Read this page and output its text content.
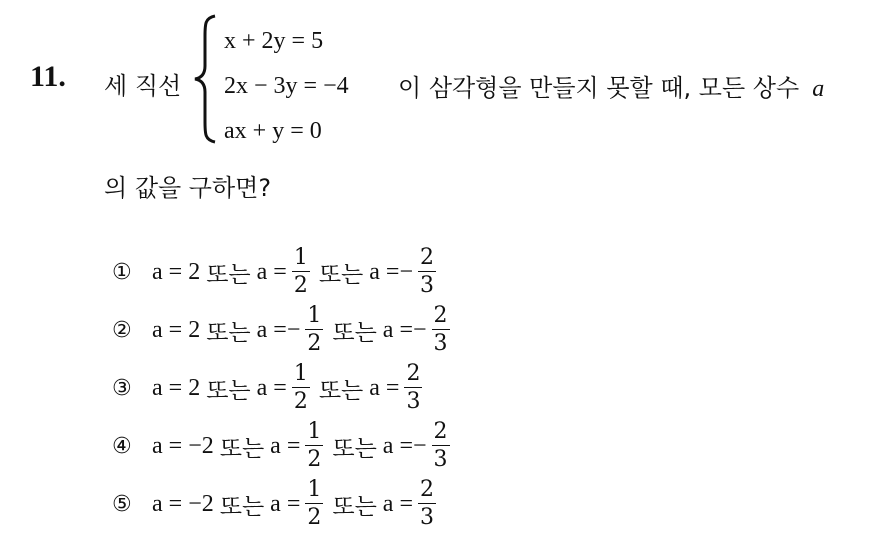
11. 세 직선
x + 2y = 5
2x − 3y = −4
ax + y = 0
이 삼각형을 만들지 못할 때, 모든 상수 a
의 값을 구하면?
① a = 2 또는 $a = \frac{1}{2}$ 또는 a = − $\frac{2}{3}$
② a = 2 또는 a = − $\frac{1}{2}$ 또는 a = − $\frac{2}{3}$
③ a = 2 또는 $a = \frac{1}{2}$ 또는 $a = \frac{2}{3}$
④ a = −2 또는 $a = \frac{1}{2}$ 또는 a = − $\frac{2}{3}$
⑤ a = −2 또는 $a = \frac{1}{2}$ 또는 $a = \frac{2}{3}$
